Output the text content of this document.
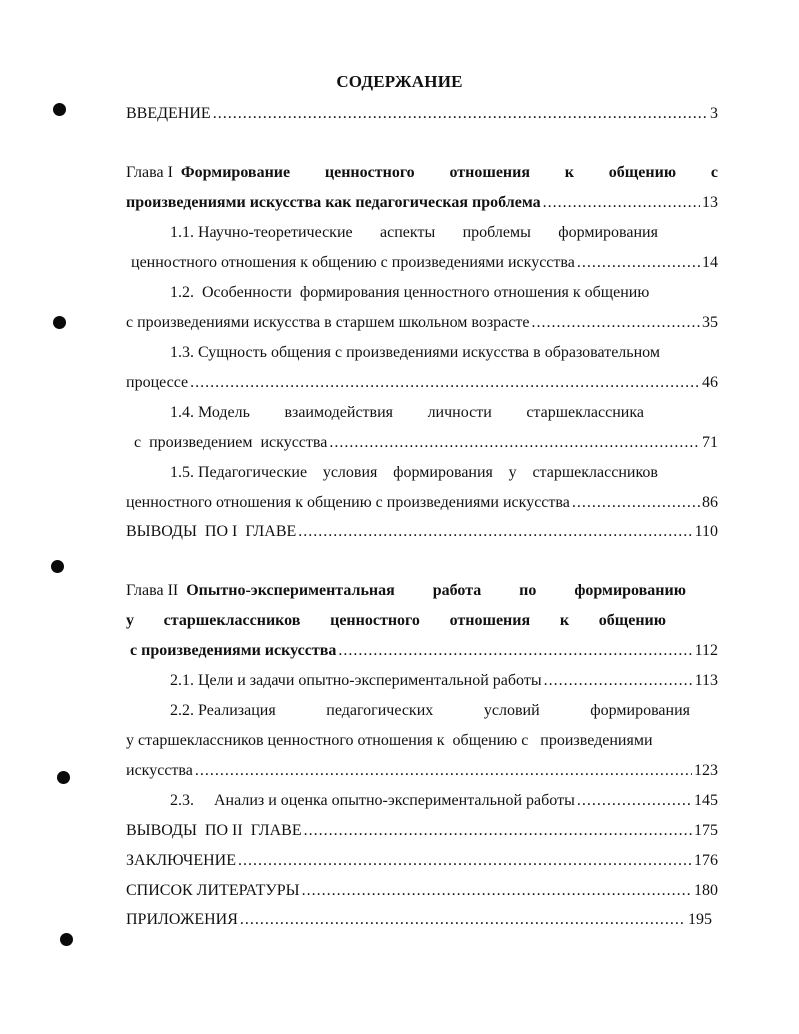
СОДЕРЖАНИЕ
ВВЕДЕНИЕ .....	3
Глава I Формирование ценностного отношения к общению с
произведениями искусства как педагогическая проблема .....	13
1.1. Научно-теоретические аспекты проблемы формирования
ценностного отношения к общению с произведениями искусства .....	14
1.2.  Особенности  формирования ценностного отношения к общению
с произведениями искусства в старшем школьном возрасте .....	35
1.3. Сущность общения с произведениями искусства в образовательном
процессе .....	46
1.4. Модель взаимодействия личности старшеклассника
с  произведением  искусства .....	71
1.5. Педагогические условия формирования у старшеклассников
ценностного отношения к общению с произведениями искусства .....	86
ВЫВОДЫ  ПО I  ГЛАВЕ .....	110
Глава II Опытно-экспериментальная работа по формированию
у старшеклассников ценностного отношения к общению
с произведениями искусства .....	112
2.1. Цели и задачи опытно-экспериментальной работы .....	113
2.2. Реализация	педагогических	условий	формирования
у старшеклассников ценностного отношения к  общению с   произведениями
искусства .....	123
2.3.     Анализ и оценка опытно-экспериментальной работы .....	145
ВЫВОДЫ  ПО II  ГЛАВЕ .....	175
ЗАКЛЮЧЕНИЕ .....	176
СПИСОК ЛИТЕРАТУРЫ .....	180
ПРИЛОЖЕНИЯ .....	195
